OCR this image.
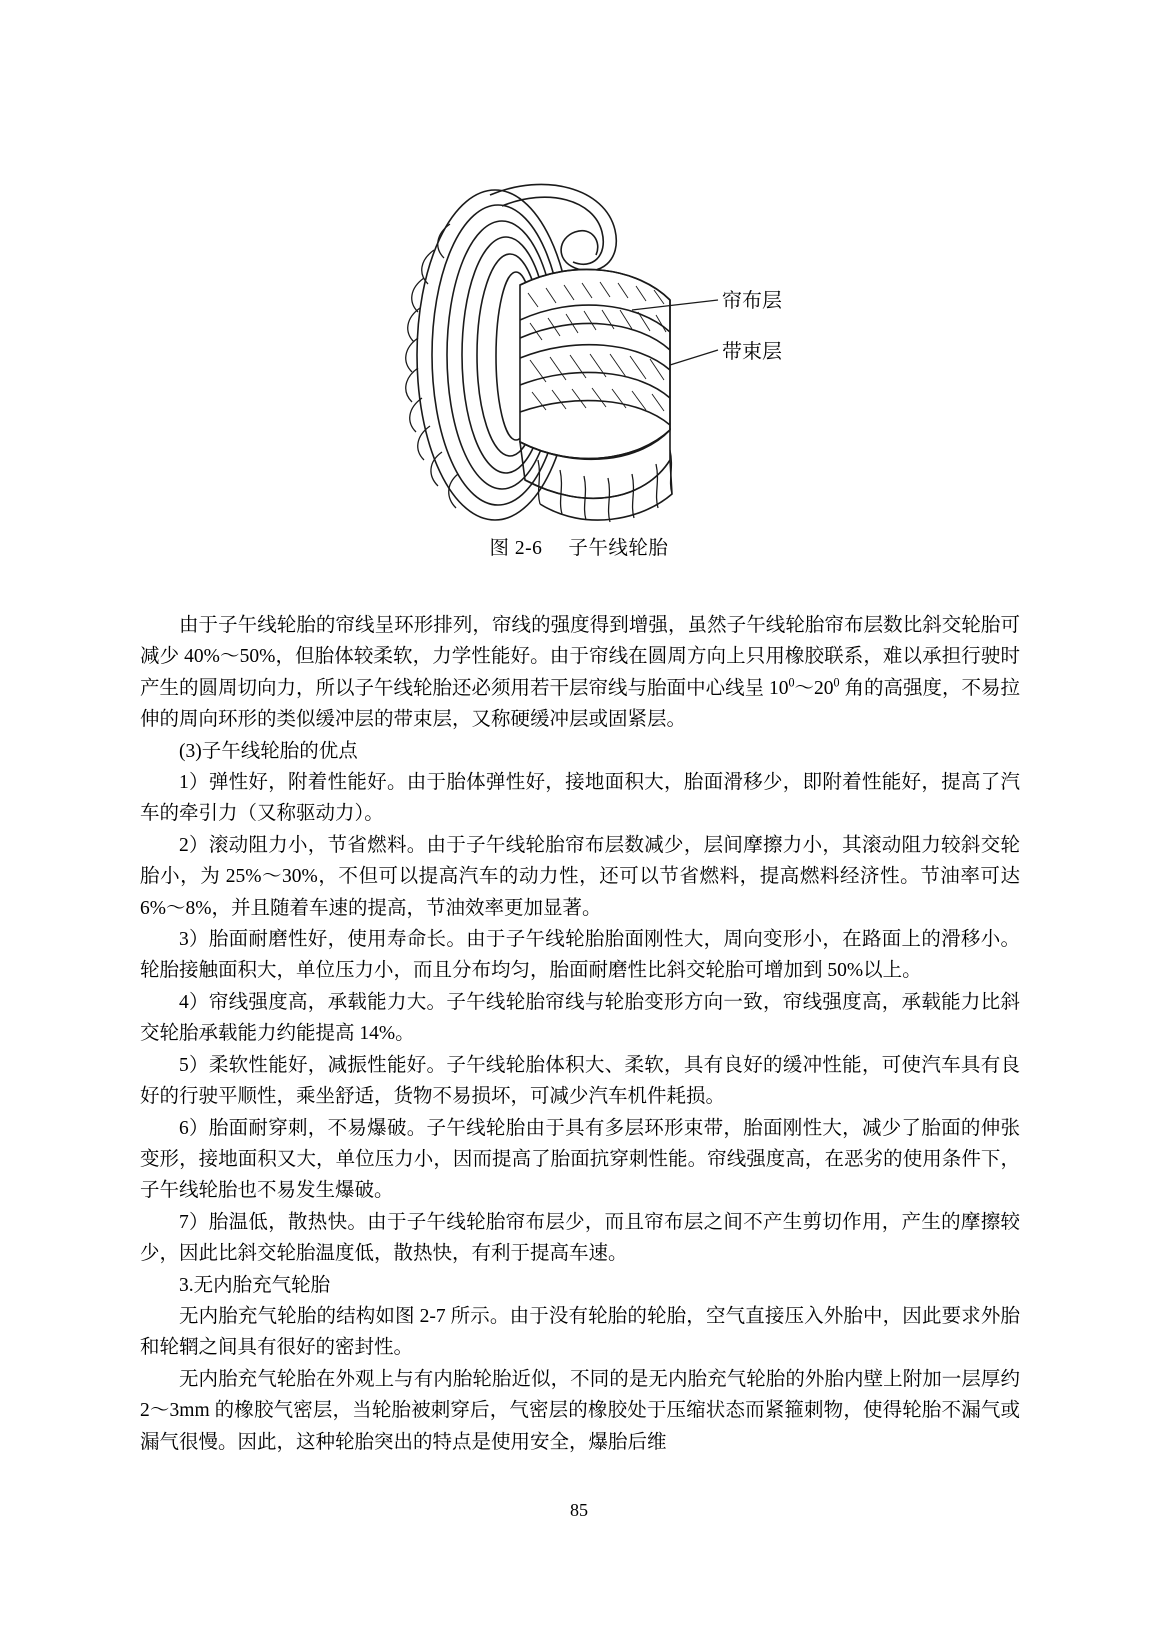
帘布层
带束层
图 2-6 子午线轮胎

由于子午线轮胎的帘线呈环形排列，帘线的强度得到增强，虽然子午线轮胎帘布层数比斜交轮胎可减少 40%～50%，但胎体较柔软，力学性能好。由于帘线在圆周方向上只用橡胶联系，难以承担行驶时产生的圆周切向力，所以子午线轮胎还必须用若干层帘线与胎面中心线呈 $10^0\sim 20^0$ 角的高强度，不易拉伸的周向环形的类似缓冲层的带束层，又称硬缓冲层或固紧层。

(3)子午线轮胎的优点

1）弹性好，附着性能好。由于胎体弹性好，接地面积大，胎面滑移少，即附着性能好，提高了汽车的牵引力（又称驱动力）。

2）滚动阻力小，节省燃料。由于子午线轮胎帘布层数减少，层间摩擦力小，其滚动阻力较斜交轮胎小，为 25%～30%，不但可以提高汽车的动力性，还可以节省燃料，提高燃料经济性。节油率可达 6%～8%，并且随着车速的提高，节油效率更加显著。

3）胎面耐磨性好，使用寿命长。由于子午线轮胎胎面刚性大，周向变形小，在路面上的滑移小。轮胎接触面积大，单位压力小，而且分布均匀，胎面耐磨性比斜交轮胎可增加到 50%以上。

4）帘线强度高，承载能力大。子午线轮胎帘线与轮胎变形方向一致，帘线强度高，承载能力比斜交轮胎承载能力约能提高 14%。

5）柔软性能好，减振性能好。子午线轮胎体积大、柔软，具有良好的缓冲性能，可使汽车具有良好的行驶平顺性，乘坐舒适，货物不易损坏，可减少汽车机件耗损。

6）胎面耐穿刺，不易爆破。子午线轮胎由于具有多层环形束带，胎面刚性大，减少了胎面的伸张变形，接地面积又大，单位压力小，因而提高了胎面抗穿刺性能。帘线强度高，在恶劣的使用条件下，子午线轮胎也不易发生爆破。

7）胎温低，散热快。由于子午线轮胎帘布层少，而且帘布层之间不产生剪切作用，产生的摩擦较少，因此比斜交轮胎温度低，散热快，有利于提高车速。

3.无内胎充气轮胎

无内胎充气轮胎的结构如图 2-7 所示。由于没有轮胎的轮胎，空气直接压入外胎中，因此要求外胎和轮辋之间具有很好的密封性。

无内胎充气轮胎在外观上与有内胎轮胎近似，不同的是无内胎充气轮胎的外胎内壁上附加一层厚约 2～3mm 的橡胶气密层，当轮胎被刺穿后，气密层的橡胶处于压缩状态而紧箍刺物，使得轮胎不漏气或漏气很慢。因此，这种轮胎突出的特点是使用安全，爆胎后维

85
